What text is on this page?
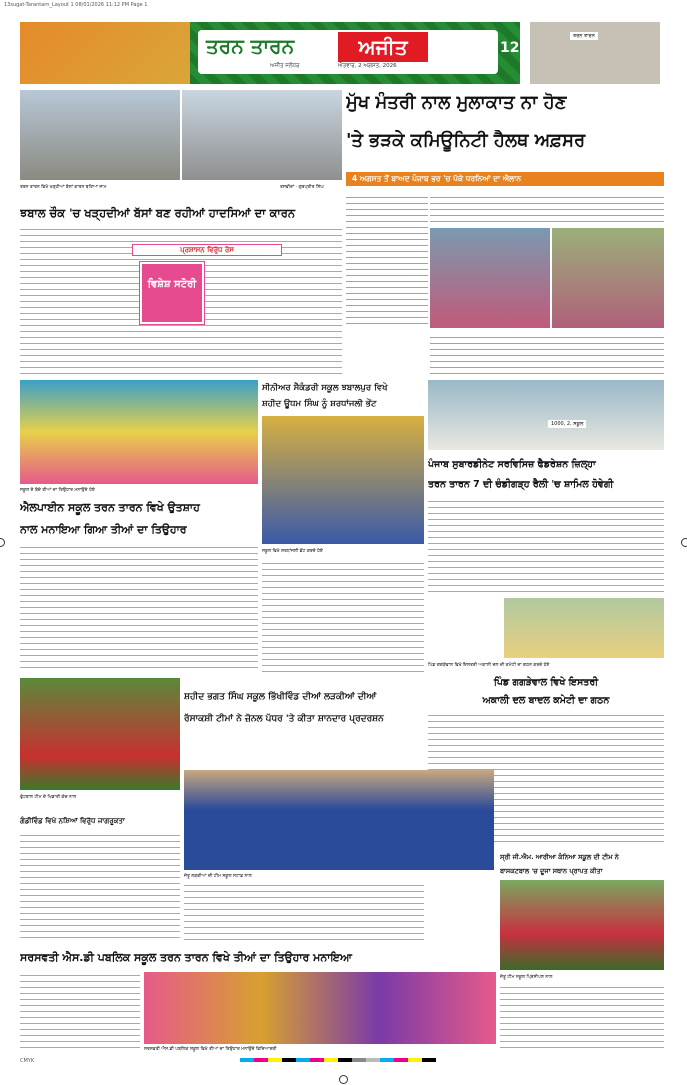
13sugat-Tarantarn_Layout 1 08/01/2026 11:12 PM Page 1
ਤਰਨ ਤਾਰਨ	ਅਜੀਤ
ਅਜੀਤ ਜਲੰਧਰ	ਐਤਵਾਰ, 2 ਅਗਸਤ, 2026
12
ਤਰਨ ਤਾਰਨ
ਤਰਨ ਤਾਰਨ ਵਿਖੇ ਖੜ੍ਹੀਆਂ ਬੱਸਾਂ ਕਾਰਨ ਬਣਿਆ ਜਾਮ	ਤਸਵੀਰਾਂ - ਗੁਰਪ੍ਰੀਤ ਸਿੰਘ
ਮੁੱਖ ਮੰਤਰੀ ਨਾਲ ਮੁਲਾਕਾਤ ਨਾ ਹੋਣ
'ਤੇ ਭੜਕੇ ਕਮਿਊਨਿਟੀ ਹੈਲਥ ਅਫ਼ਸਰ
4 ਅਗਸਤ ਤੋਂ ਬਾਅਦ ਪੰਜਾਬ ਭਰ 'ਚ ਪੱਕੇ ਧਰਨਿਆਂ ਦਾ ਐਲਾਨ
ਝਬਾਲ ਚੌਕ 'ਚ ਖੜ੍ਹਦੀਆਂ ਬੱਸਾਂ ਬਣ ਰਹੀਆਂ ਹਾਦਸਿਆਂ ਦਾ ਕਾਰਨ
ਪ੍ਰਸ਼ਾਸਨ ਵਿਰੁੱਧ ਰੋਸ
ਵਿਸ਼ੇਸ਼ ਸਟੋਰੀ
ਸਕੂਲ ਦੇ ਬੱਚੇ ਤੀਆਂ ਦਾ ਤਿਉਹਾਰ ਮਨਾਉਂਦੇ ਹੋਏ
ਸੀਨੀਅਰ ਸੈਕੰਡਰੀ ਸਕੂਲ ਝਬਾਲਪੁਰ ਵਿਖੇ
ਸ਼ਹੀਦ ਊਧਮ ਸਿੰਘ ਨੂੰ ਸ਼ਰਧਾਂਜਲੀ ਭੇਂਟ
ਸਕੂਲ ਵਿਖੇ ਸ਼ਰਧਾਂਜਲੀ ਭੇਂਟ ਕਰਦੇ ਹੋਏ
1000, 2, ਸਕੂਲ
ਪੰਜਾਬ ਸੁਬਾਰਡੀਨੇਟ ਸਰਵਿਸਿਜ਼ ਫੈਡਰੇਸ਼ਨ ਜ਼ਿਲ੍ਹਾ
ਤਰਨ ਤਾਰਨ 7 ਦੀ ਚੰਡੀਗੜ੍ਹ ਰੈਲੀ 'ਚ ਸ਼ਾਮਿਲ ਹੋਵੇਗੀ
ਐਲਪਾਈਨ ਸਕੂਲ ਤਰਨ ਤਾਰਨ ਵਿਖੇ ਉਤਸ਼ਾਹ
ਨਾਲ ਮਨਾਇਆ ਗਿਆ ਤੀਆਂ ਦਾ ਤਿਉਹਾਰ
ਪਿੰਡ ਗਗੜੇਵਾਲ ਵਿਖੇ ਇਸਤਰੀ ਅਕਾਲੀ ਦਲ ਦੀ ਕਮੇਟੀ ਦਾ ਗਠਨ ਕਰਦੇ ਹੋਏ
ਪਿੰਡ ਗਗੜੇਵਾਲ ਵਿਖੇ ਇਸਤਰੀ
ਅਕਾਲੀ ਦਲ ਬਾਦਲ ਕਮੇਟੀ ਦਾ ਗਠਨ
ਫੁੱਟਬਾਲ ਟੀਮ ਦੇ ਖਿਡਾਰੀ ਕੋਚ ਨਾਲ
ਗੰਡੀਵਿੰਡ ਵਿਖੇ ਨਸ਼ਿਆਂ ਵਿਰੁੱਧ ਜਾਗਰੂਕਤਾ
ਸ਼ਹੀਦ ਭਗਤ ਸਿੰਘ ਸਕੂਲ ਭਿੱਖੀਵਿੰਡ ਦੀਆਂ ਲੜਕੀਆਂ ਦੀਆਂ
ਰੱਸਾਕਸ਼ੀ ਟੀਮਾਂ ਨੇ ਜ਼ੋਨਲ ਪੱਧਰ 'ਤੇ ਕੀਤਾ ਸ਼ਾਨਦਾਰ ਪ੍ਰਦਰਸ਼ਨ
ਜੇਤੂ ਲੜਕੀਆਂ ਦੀ ਟੀਮ ਸਕੂਲ ਸਟਾਫ਼ ਨਾਲ
ਸ੍ਰੀ ਜੀ.ਐਮ. ਆਰੀਆ ਕੰਨਿਆ ਸਕੂਲ ਦੀ ਟੀਮ ਨੇ
ਬਾਸਕਟਬਾਲ 'ਚ ਦੂਜਾ ਸਥਾਨ ਪ੍ਰਾਪਤ ਕੀਤਾ
ਜੇਤੂ ਟੀਮ ਸਕੂਲ ਪ੍ਰਿੰਸੀਪਲ ਨਾਲ
ਸਰਸਵਤੀ ਐਸ.ਡੀ ਪਬਲਿਕ ਸਕੂਲ ਤਰਨ ਤਾਰਨ ਵਿਖੇ ਤੀਆਂ ਦਾ ਤਿਉਹਾਰ ਮਨਾਇਆ
ਸਰਸਵਤੀ ਐਸ.ਡੀ ਪਬਲਿਕ ਸਕੂਲ ਵਿਖੇ ਤੀਆਂ ਦਾ ਤਿਉਹਾਰ ਮਨਾਉਂਦੇ ਵਿਦਿਆਰਥੀ
CMYK
